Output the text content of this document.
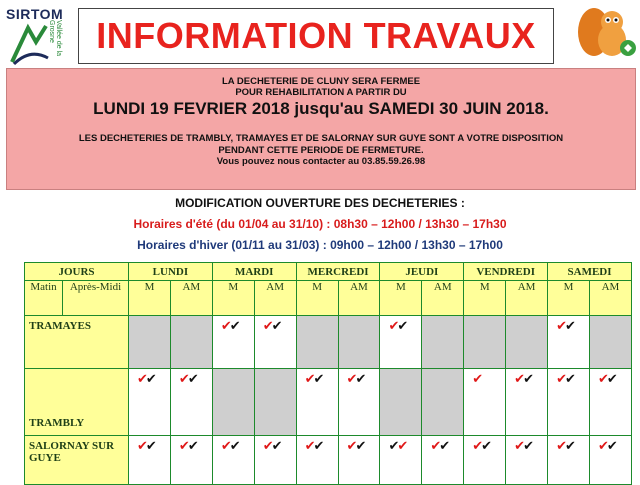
SIRTOM
Vallée de la Grosne INFORMATION TRAVAUX
LA DECHETERIE DE CLUNY SERA FERMEE
POUR REHABILITATION A PARTIR DU
LUNDI 19 FEVRIER 2018 jusqu'au SAMEDI 30 JUIN 2018.
LES DECHETERIES DE TRAMBLY, TRAMAYES ET DE SALORNAY SUR GUYE SONT A VOTRE DISPOSITION
PENDANT CETTE PERIODE DE FERMETURE.
Vous pouvez nous contacter au 03.85.59.26.98
MODIFICATION OUVERTURE DES DECHETERIES :
Horaires d'été (du 01/04 au 31/10) : 08h30 – 12h00 / 13h30 – 17h30
Horaires d'hiver (01/11 au 31/03) : 09h00 – 12h00 / 13h30 – 17h00
JOURS		LUNDI		MARDI		MERCREDI		JEUDI		VENDREDI		SAMEDI	
Matin	Après-Midi	M	AM	M	AM	M	AM	M	AM	M	AM	M	AM
TRAMAYES				✔✔	✔✔			✔✔				✔✔	
TRAMBLY		✔✔	✔✔			✔✔	✔✔			✔	✔✔	✔✔	✔✔
SALORNAY SUR GUYE		✔✔	✔✔	✔✔	✔✔	✔✔	✔✔	✔✔	✔✔	✔✔	✔✔	✔✔	✔✔
